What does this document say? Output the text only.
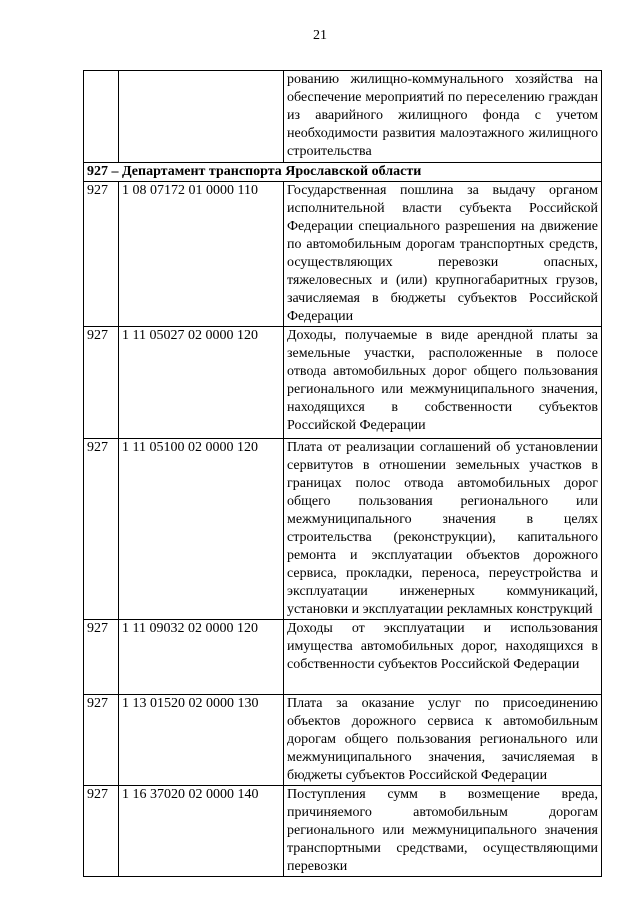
21
		рованию жилищно-коммунального хозяйства на обеспечение мероприятий по переселению граждан из аварийного жилищного фонда с учетом необходимости развития малоэтажного жилищного строительства
927 – Департамент транспорта Ярославской области		
927	1 08 07172 01 0000 110	Государственная пошлина за выдачу органом исполнительной власти субъекта Российской Федерации специального разрешения на движение по автомобильным дорогам транспортных средств, осуществляющих перевозки опасных, тяжеловесных и (или) крупногабаритных грузов, зачисляемая в бюджеты субъектов Российской Федерации
927	1 11 05027 02 0000 120	Доходы, получаемые в виде арендной платы за земельные участки, расположенные в полосе отвода автомобильных дорог общего пользования регионального или межмуниципального значения, находящихся в собственности субъектов Российской Федерации
927	1 11 05100 02 0000 120	Плата от реализации соглашений об установлении сервитутов в отношении земельных участков в границах полос отвода автомобильных дорог общего пользования регионального или межмуниципального значения в целях строительства (реконструкции), капитального ремонта и эксплуатации объектов дорожного сервиса, прокладки, переноса, переустройства и эксплуатации инженерных коммуникаций, установки и эксплуатации рекламных конструкций
927	1 11 09032 02 0000 120	Доходы от эксплуатации и использования имущества автомобильных дорог, находящихся в собственности субъектов Российской Федерации
927	1 13 01520 02 0000 130	Плата за оказание услуг по присоединению объектов дорожного сервиса к автомобильным дорогам общего пользования регионального или межмуниципального значения, зачисляемая в бюджеты субъектов Российской Федерации
927	1 16 37020 02 0000 140	Поступления сумм в возмещение вреда, причиняемого автомобильным дорогам регионального или межмуниципального значения транспортными средствами, осуществляющими перевозки
